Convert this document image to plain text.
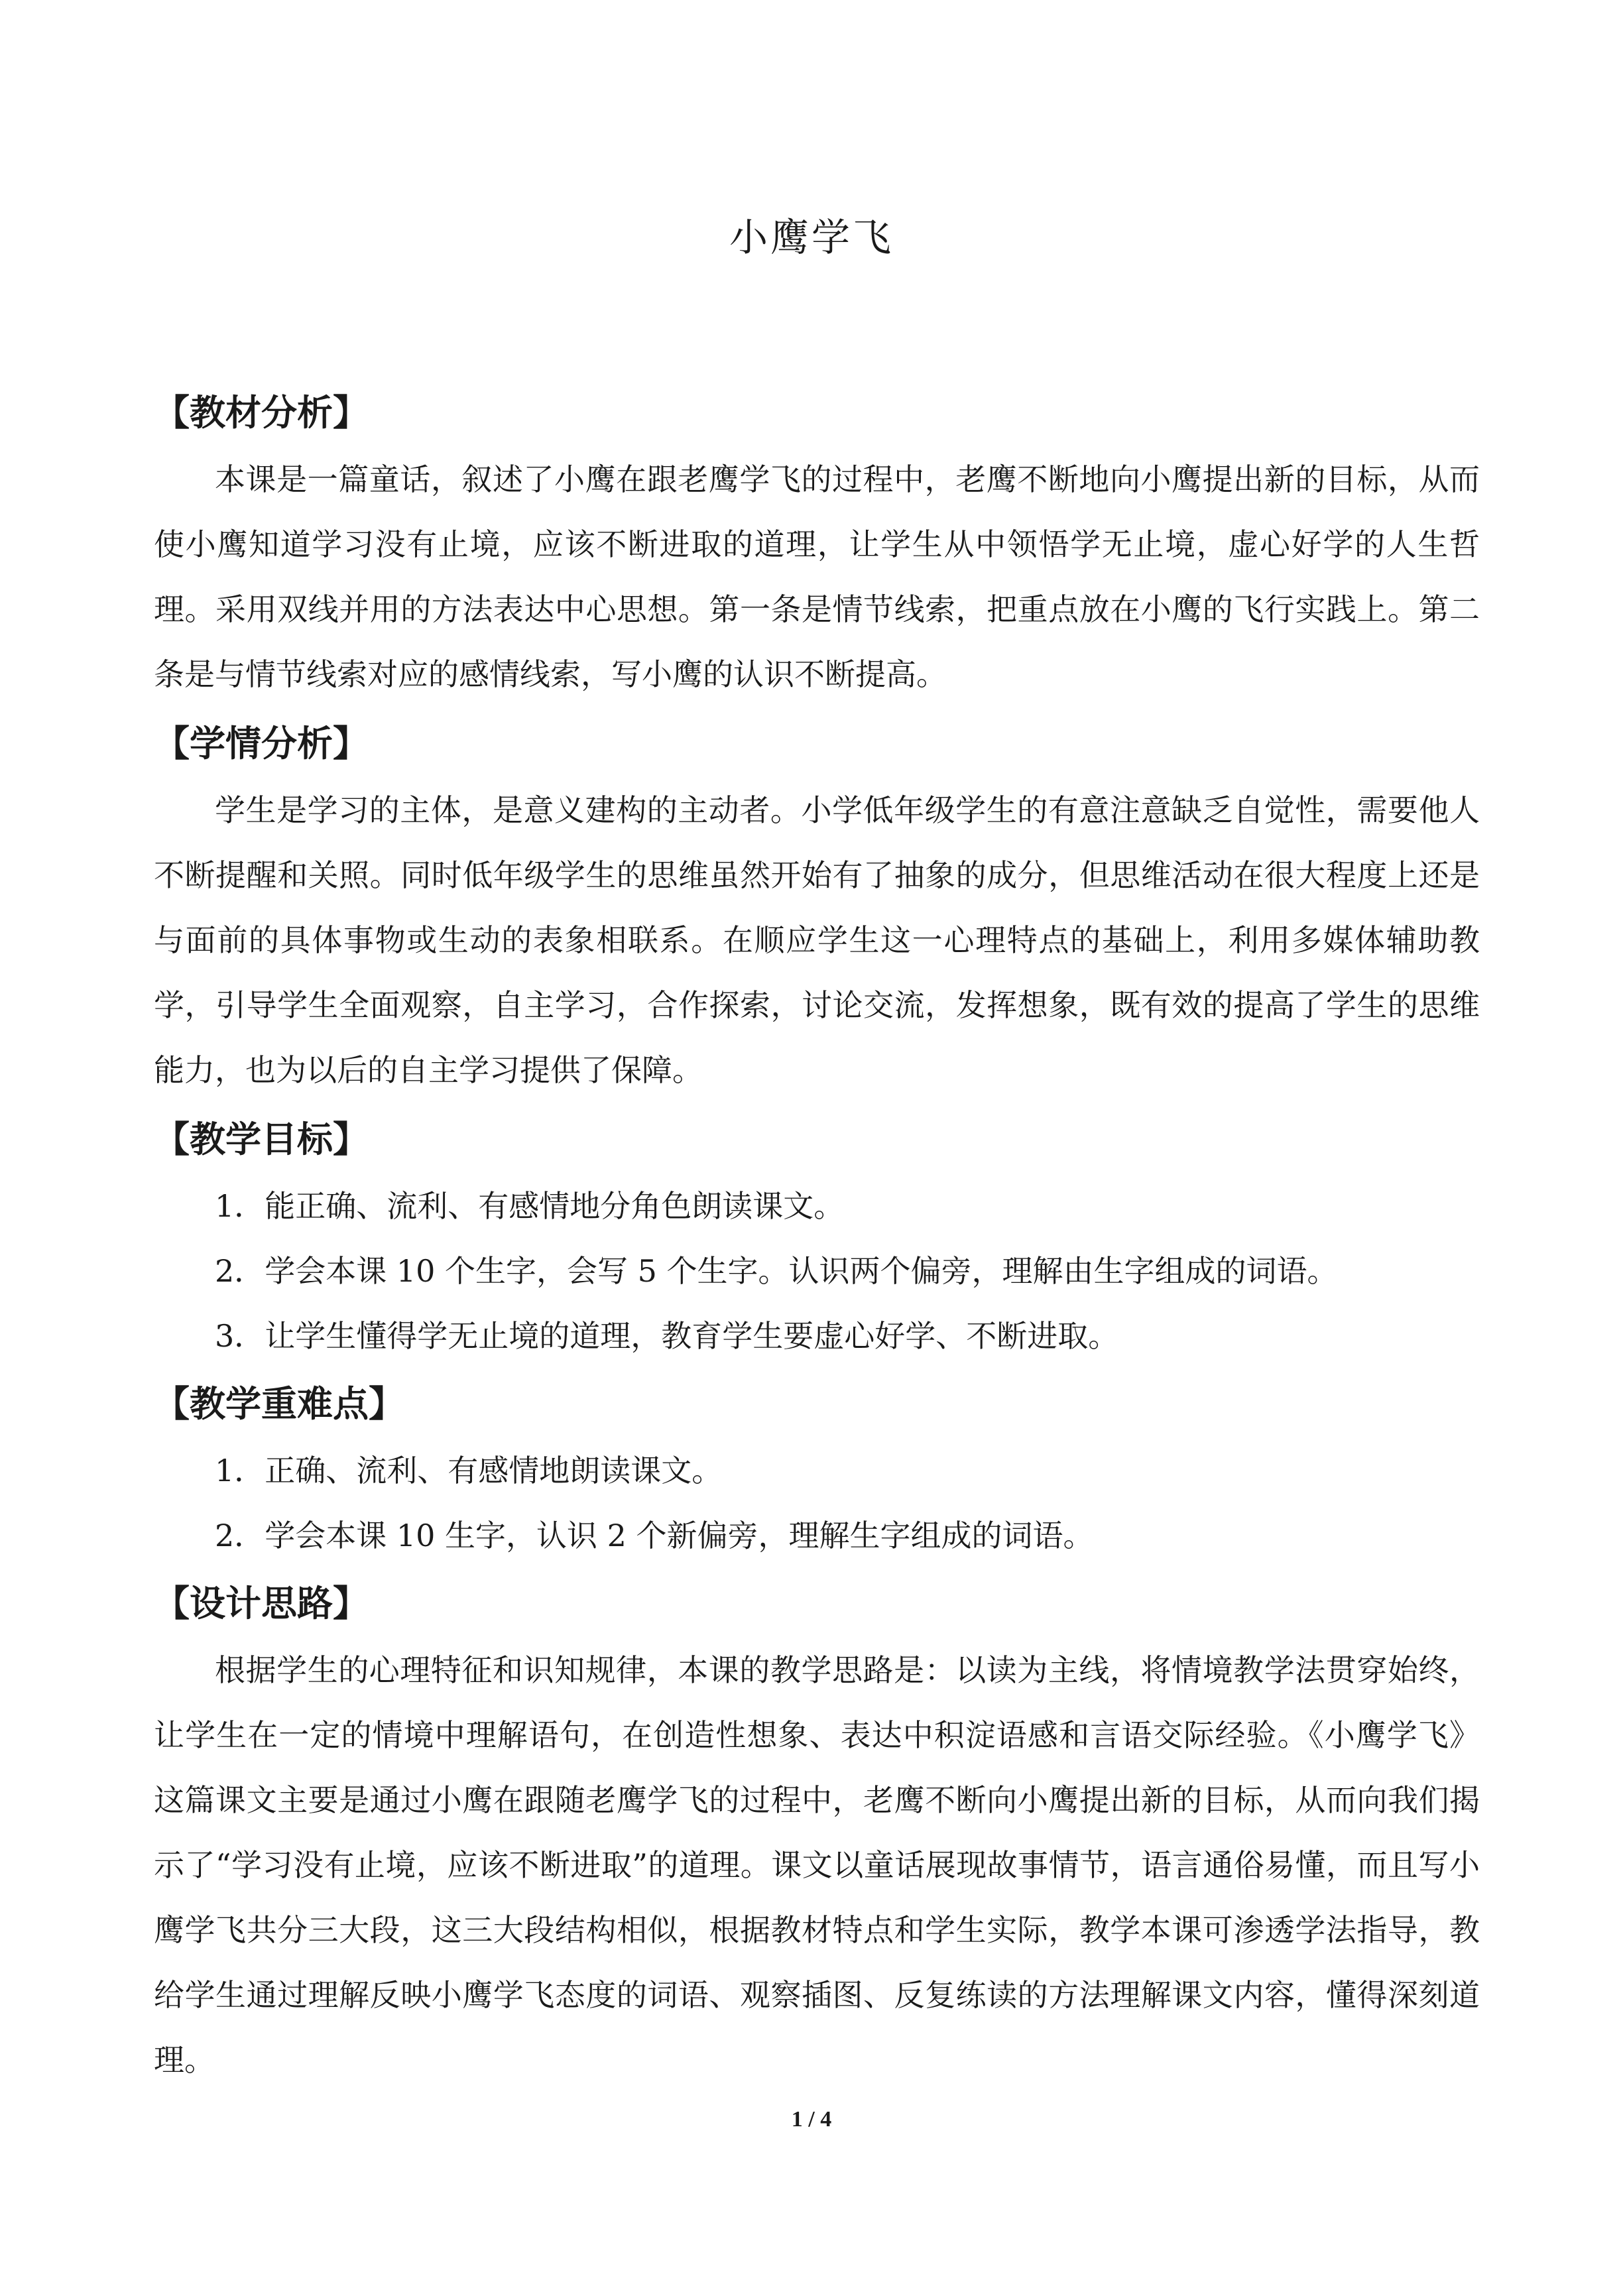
小鹰学飞
【教材分析】

本课是一篇童话，叙述了小鹰在跟老鹰学飞的过程中，老鹰不断地向小鹰提出新的目标，从而使小鹰知道学习没有止境，应该不断进取的道理，让学生从中领悟学无止境，虚心好学的人生哲理。采用双线并用的方法表达中心思想。第一条是情节线索，把重点放在小鹰的飞行实践上。第二条是与情节线索对应的感情线索，写小鹰的认识不断提高。

【学情分析】

学生是学习的主体，是意义建构的主动者。小学低年级学生的有意注意缺乏自觉性，需要他人不断提醒和关照。同时低年级学生的思维虽然开始有了抽象的成分，但思维活动在很大程度上还是与面前的具体事物或生动的表象相联系。在顺应学生这一心理特点的基础上，利用多媒体辅助教学，引导学生全面观察，自主学习，合作探索，讨论交流，发挥想象，既有效的提高了学生的思维能力，也为以后的自主学习提供了保障。

【教学目标】

1．能正确、流利、有感情地分角色朗读课文。

2．学会本课 10 个生字，会写 5 个生字。认识两个偏旁，理解由生字组成的词语。

3．让学生懂得学无止境的道理，教育学生要虚心好学、不断进取。

【教学重难点】

1．正确、流利、有感情地朗读课文。

2．学会本课 10 生字，认识 2 个新偏旁，理解生字组成的词语。

【设计思路】

根据学生的心理特征和识知规律，本课的教学思路是：以读为主线，将情境教学法贯穿始终，让学生在一定的情境中理解语句，在创造性想象、表达中积淀语感和言语交际经验。《小鹰学飞》这篇课文主要是通过小鹰在跟随老鹰学飞的过程中，老鹰不断向小鹰提出新的目标，从而向我们揭示了“学习没有止境，应该不断进取”的道理。课文以童话展现故事情节，语言通俗易懂，而且写小鹰学飞共分三大段，这三大段结构相似，根据教材特点和学生实际，教学本课可渗透学法指导，教给学生通过理解反映小鹰学飞态度的词语、观察插图、反复练读的方法理解课文内容，懂得深刻道理。

1 / 4
